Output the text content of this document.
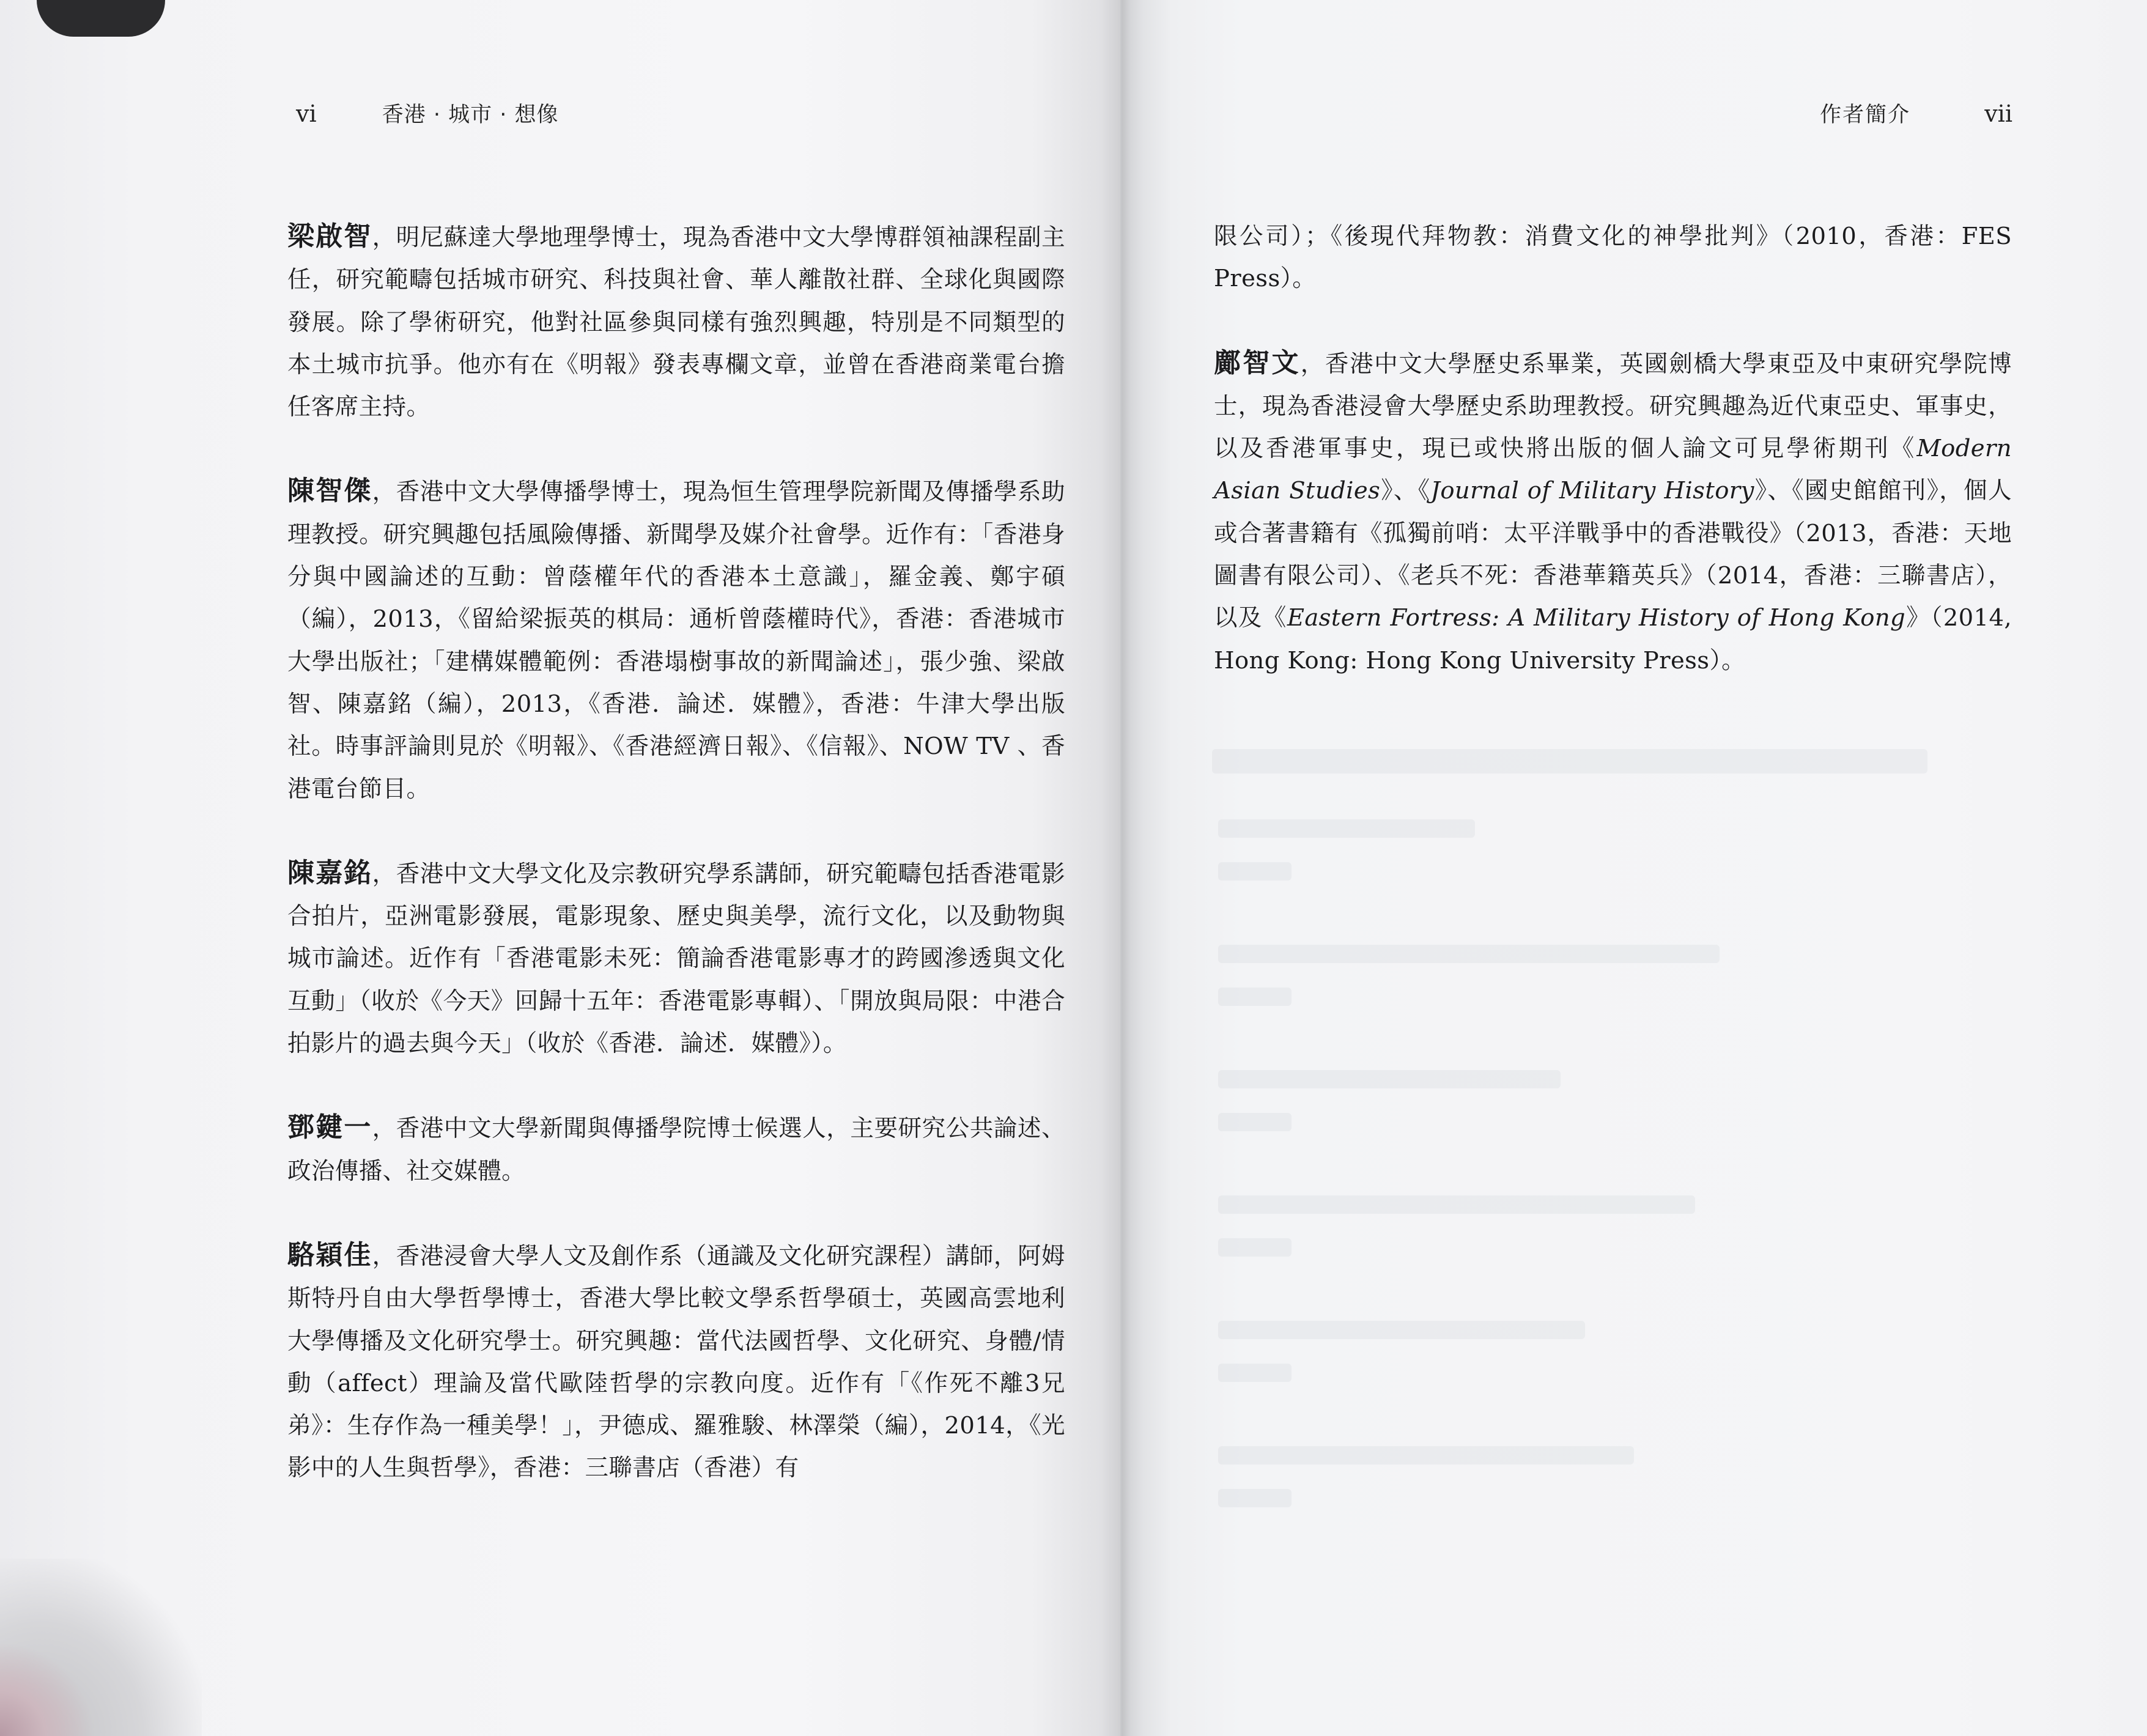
vi	香港 · 城市 · 想像

梁啟智，明尼蘇達大學地理學博士，現為香港中文大學博群領袖課程副主任，研究範疇包括城市研究、科技與社會、華人離散社群、全球化與國際發展。除了學術研究，他對社區參與同樣有強烈興趣，特別是不同類型的本土城市抗爭。他亦有在《明報》發表專欄文章，並曾在香港商業電台擔任客席主持。

陳智傑，香港中文大學傳播學博士，現為恒生管理學院新聞及傳播學系助理教授。研究興趣包括風險傳播、新聞學及媒介社會學。近作有：「香港身分與中國論述的互動：曾蔭權年代的香港本土意識」，羅金義、鄭宇碩（編），2013，《留給梁振英的棋局：通析曾蔭權時代》，香港：香港城市大學出版社；「建構媒體範例：香港塌樹事故的新聞論述」，張少強、梁啟智、陳嘉銘（編），2013，《香港．論述．媒體》，香港：牛津大學出版社。時事評論則見於《明報》、《香港經濟日報》、《信報》、NOW TV 、香港電台節目。

陳嘉銘，香港中文大學文化及宗教研究學系講師，研究範疇包括香港電影合拍片，亞洲電影發展，電影現象、歷史與美學，流行文化，以及動物與城市論述。近作有「香港電影未死：簡論香港電影專才的跨國滲透與文化互動」（收於《今天》回歸十五年：香港電影專輯）、「開放與局限：中港合拍影片的過去與今天」（收於《香港．論述．媒體》）。

鄧鍵一，香港中文大學新聞與傳播學院博士候選人，主要研究公共論述、政治傳播、社交媒體。

駱穎佳，香港浸會大學人文及創作系（通識及文化研究課程）講師，阿姆斯特丹自由大學哲學博士，香港大學比較文學系哲學碩士，英國高雲地利大學傳播及文化研究學士。研究興趣：當代法國哲學、文化研究、身體/情動（affect）理論及當代歐陸哲學的宗教向度。近作有「《作死不離3兄弟》：生存作為一種美學！」，尹德成、羅雅駿、林澤榮（編），2014，《光影中的人生與哲學》，香港：三聯書店（香港）有

作者簡介	vii

限公司）；《後現代拜物教：消費文化的神學批判》（2010，香港：FES Press）。

鄺智文，香港中文大學歷史系畢業，英國劍橋大學東亞及中東研究學院博士，現為香港浸會大學歷史系助理教授。研究興趣為近代東亞史、軍事史，以及香港軍事史，現已或快將出版的個人論文可見學術期刊《Modern Asian Studies》、《Journal of Military History》、《國史館館刊》，個人或合著書籍有《孤獨前哨：太平洋戰爭中的香港戰役》（2013，香港：天地圖書有限公司）、《老兵不死：香港華籍英兵》（2014，香港：三聯書店），以及《Eastern Fortress: A Military History of Hong Kong》（2014, Hong Kong: Hong Kong University Press）。
